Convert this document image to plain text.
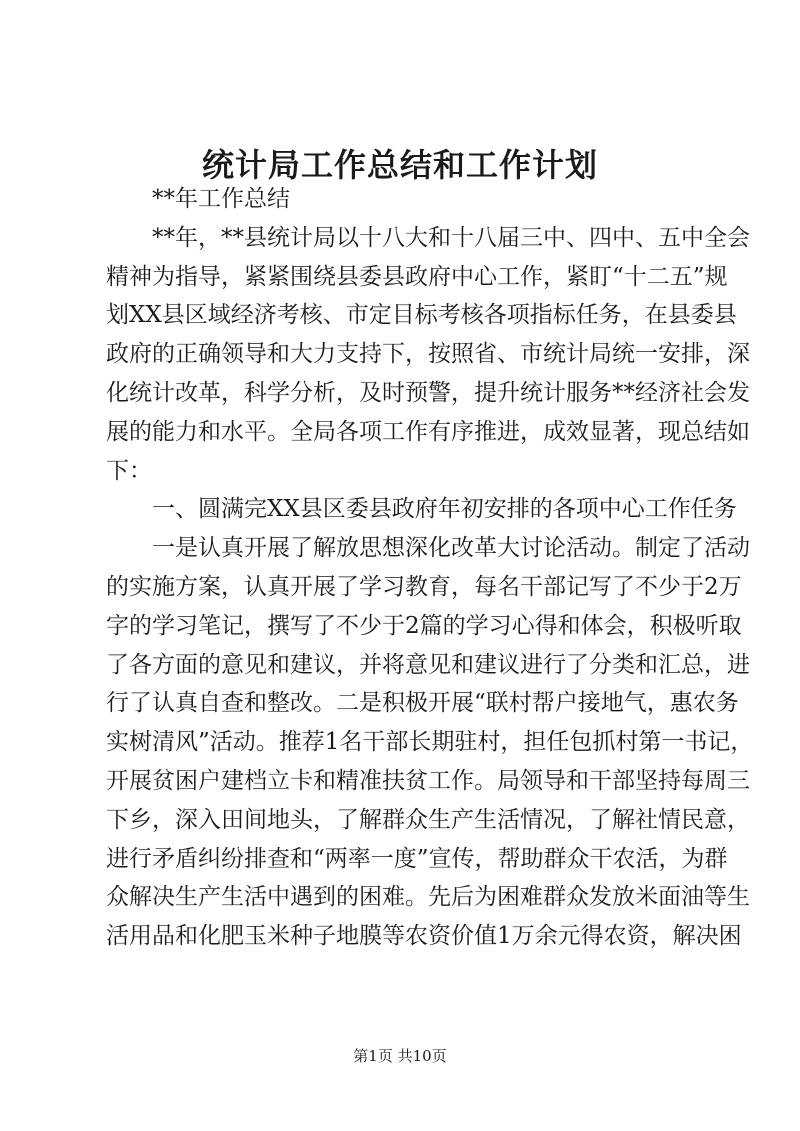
统计局工作总结和工作计划
**年工作总结
**年，**县统计局以十八大和十八届三中、四中、五中全会
精神为指导，紧紧围绕县委县政府中心工作，紧盯“十二五”规
划XX县区域经济考核、市定目标考核各项指标任务，在县委县
政府的正确领导和大力支持下，按照省、市统计局统一安排，深
化统计改革，科学分析，及时预警，提升统计服务**经济社会发
展的能力和水平。全局各项工作有序推进，成效显著，现总结如
下：
一、圆满完XX县区委县政府年初安排的各项中心工作任务
一是认真开展了解放思想深化改革大讨论活动。制定了活动
的实施方案，认真开展了学习教育，每名干部记写了不少于2万
字的学习笔记，撰写了不少于2篇的学习心得和体会，积极听取
了各方面的意见和建议，并将意见和建议进行了分类和汇总，进
行了认真自查和整改。二是积极开展“联村帮户接地气，惠农务
实树清风”活动。推荐1名干部长期驻村，担任包抓村第一书记，
开展贫困户建档立卡和精准扶贫工作。局领导和干部坚持每周三
下乡，深入田间地头，了解群众生产生活情况，了解社情民意，
进行矛盾纠纷排查和“两率一度”宣传，帮助群众干农活，为群
众解决生产生活中遇到的困难。先后为困难群众发放米面油等生
活用品和化肥玉米种子地膜等农资价值1万余元得农资，解决困
第1页 共10页
